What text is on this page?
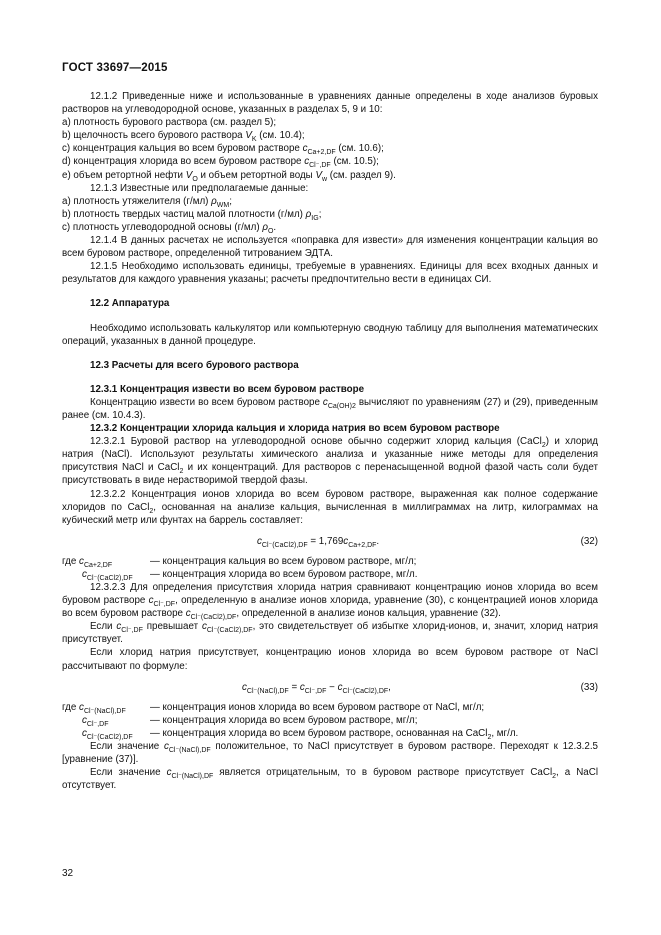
ГОСТ 33697—2015

12.1.2 Приведенные ниже и использованные в уравнениях данные определены в ходе анализов буровых растворов на углеводородной основе, указанных в разделах 5, 9 и 10:

а) плотность бурового раствора (см. раздел 5);

b) щелочность всего бурового раствора $V_K$ (см. 10.4);

с) концентрация кальция во всем буровом растворе $c_{Ca+2,DF}$ (см. 10.6);

d) концентрация хлорида во всем буровом растворе $c_{Cl^-,DF}$ (см. 10.5);

е) объем ретортной нефти $V_O$ и объем ретортной воды $V_w$ (см. раздел 9).

12.1.3 Известные или предполагаемые данные:

а) плотность утяжелителя (г/мл) $\rho_{WM}$;

b) плотность твердых частиц малой плотности (г/мл) $\rho_{IG}$;

с) плотность углеводородной основы (г/мл) $\rho_O$.

12.1.4 В данных расчетах не используется «поправка для извести» для изменения концентрации кальция во всем буровом растворе, определенной титрованием ЭДТА.

12.1.5 Необходимо использовать единицы, требуемые в уравнениях. Единицы для всех входных данных и результатов для каждого уравнения указаны; расчеты предпочтительно вести в единицах СИ.

12.2 Аппаратура

Необходимо использовать калькулятор или компьютерную сводную таблицу для выполнения математических операций, указанных в данной процедуре.

12.3 Расчеты для всего бурового раствора

12.3.1 Концентрация извести во всем буровом растворе

Концентрацию извести во всем буровом растворе $c_{Ca(OH)2}$ вычисляют по уравнениям (27) и (29), приведенным ранее (см. 10.4.3).

12.3.2 Концентрации хлорида кальция и хлорида натрия во всем буровом растворе

12.3.2.1 Буровой раствор на углеводородной основе обычно содержит хлорид кальция (CaCl$_2$) и хлорид натрия (NaCl). Используют результаты химического анализа и указанные ниже методы для определения присутствия NaCl и CaCl$_2$ и их концентраций. Для растворов с перенасыщенной водной фазой часть соли будет присутствовать в виде нерастворимой твердой фазы.

12.3.2.2 Концентрация ионов хлорида во всем буровом растворе, выраженная как полное содержание хлоридов по CaCl$_2$, основанная на анализе кальция, вычисленная в миллиграммах на литр, килограммах на кубический метр или фунтах на баррель составляет:

$c_{Cl^-(CaCl2),DF} = 1,769c_{Ca+2,DF}$.	(32)
где $c_{Ca+2,DF}$	— концентрация кальция во всем буровом растворе, мг/л;
$c_{Cl^-(CaCl2),DF}$	— концентрация хлорида во всем буровом растворе, мг/л.

12.3.2.3 Для определения присутствия хлорида натрия сравнивают концентрацию ионов хлорида во всем буровом растворе $c_{Cl^-,DF}$, определенную в анализе ионов хлорида, уравнение (30), с концентрацией ионов хлорида во всем буровом растворе $c_{Cl^-(CaCl2),DF}$, определенной в анализе ионов кальция, уравнение (32).

Если $c_{Cl^-,DF}$ превышает $c_{Cl^-(CaCl2),DF}$, это свидетельствует об избытке хлорид-ионов, и, значит, хлорид натрия присутствует.

Если хлорид натрия присутствует, концентрацию ионов хлорида во всем буровом растворе от NaCl рассчитывают по формуле:

$c_{Cl^-(NaCl),DF} = c_{Cl^-,DF} - c_{Cl^-(CaCl2),DF}$,	(33)
где $c_{Cl^-(NaCl),DF}$	— концентрация ионов хлорида во всем буровом растворе от NaCl, мг/л;
$c_{Cl^-,DF}$	— концентрация хлорида во всем буровом растворе, мг/л;
$c_{Cl^-(CaCl2),DF}$	— концентрация хлорида во всем буровом растворе, основанная на CaCl$_2$, мг/л.

Если значение $c_{Cl^-(NaCl),DF}$ положительное, то NaCl присутствует в буровом растворе. Переходят к 12.3.2.5 [уравнение (37)].

Если значение $c_{Cl^-(NaCl),DF}$ является отрицательным, то в буровом растворе присутствует CaCl$_2$, а NaCl отсутствует.

32
